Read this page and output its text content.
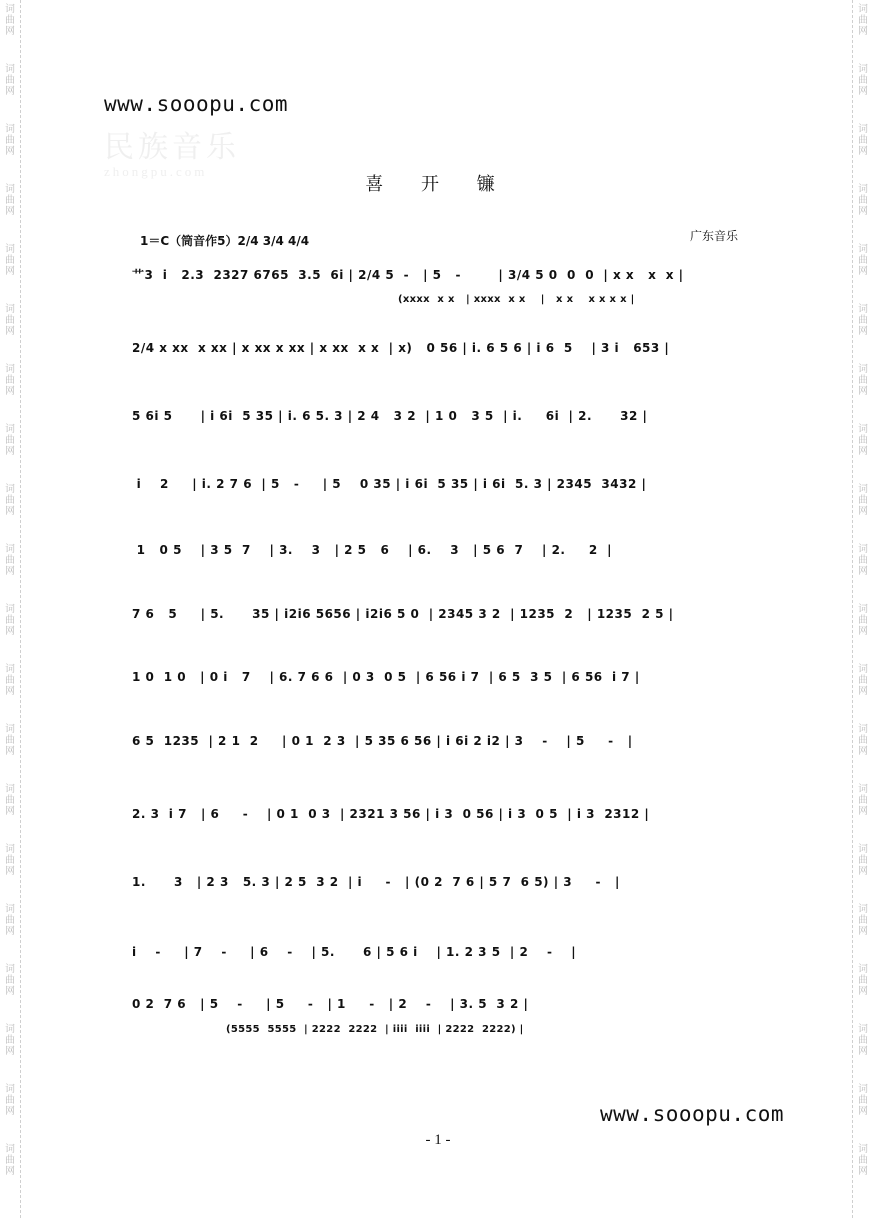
词
曲
网
词
曲
网
词
曲
网
词
曲
网
词
曲
网
词
曲
网
词
曲
网
词
曲
网
词
曲
网
词
曲
网
词
曲
网
词
曲
网
词
曲
网
词
曲
网
词
曲
网
词
曲
网
词
曲
网
词
曲
网
词
曲
网
词
曲
网
词
曲
网
词
曲
网
词
曲
网
词
曲
网
词
曲
网
词
曲
网
词
曲
网
词
曲
网
词
曲
网
词
曲
网
词
曲
网
词
曲
网
词
曲
网
词
曲
网
词
曲
网
词
曲
网
词
曲
网
词
曲
网
词
曲
网
词
曲
网
www.sooopu.com
民族音乐
zhongpu.com
喜 开 镰
1＝C（筒音作5）2/4 3/4 4/4	广东音乐

艹3  i   2.3  2327 6765  3.5  6i | 2/4 5  -   | 5   -        | 3/4 5 0  0  0  | x x   x  x |

(xxxx  x x   | xxxx  x x    |   x x    x x x x |

2/4 x xx  x xx | x xx x xx | x xx  x x  | x)   0 56 | i. 6 5 6 | i 6  5    | 3 i   653 |

5 6i 5      | i 6i  5 35 | i. 6 5. 3 | 2 4   3 2  | 1 0   3 5  | i.     6i  | 2.      32 |

i    2     | i. 2 7 6  | 5   -     | 5    0 35 | i 6i  5 35 | i 6i  5. 3 | 2345  3432 |

1   0 5    | 3 5  7    | 3.    3   | 2 5   6    | 6.    3   | 5 6  7    | 2.     2  |

7 6   5     | 5.      35 | i2i6 5656 | i2i6 5 0  | 2345 3 2  | 1235  2   | 1235  2 5 |

1 0  1 0   | 0 i   7    | 6. 7 6 6  | 0 3  0 5  | 6 56 i 7  | 6 5  3 5  | 6 56  i 7 |

6 5  1235  | 2 1  2     | 0 1  2 3  | 5 35 6 56 | i 6i 2 i2 | 3    -    | 5     -   |

2. 3  i 7   | 6     -    | 0 1  0 3  | 2321 3 56 | i 3  0 56 | i 3  0 5  | i 3  2312 |

1.      3   | 2 3   5. 3 | 2 5  3 2  | i     -   | (0 2  7 6 | 5 7  6 5) | 3     -   |

i    -     | 7    -     | 6    -    | 5.      6 | 5 6 i    | 1. 2 3 5  | 2    -    |

0 2  7 6   | 5    -     | 5     -   | 1     -   | 2    -    | 3. 5  3 2 |

(5555  5555  | 2222  2222  | iiii  iiii  | 2222  2222) |
www.sooopu.com
- 1 -
